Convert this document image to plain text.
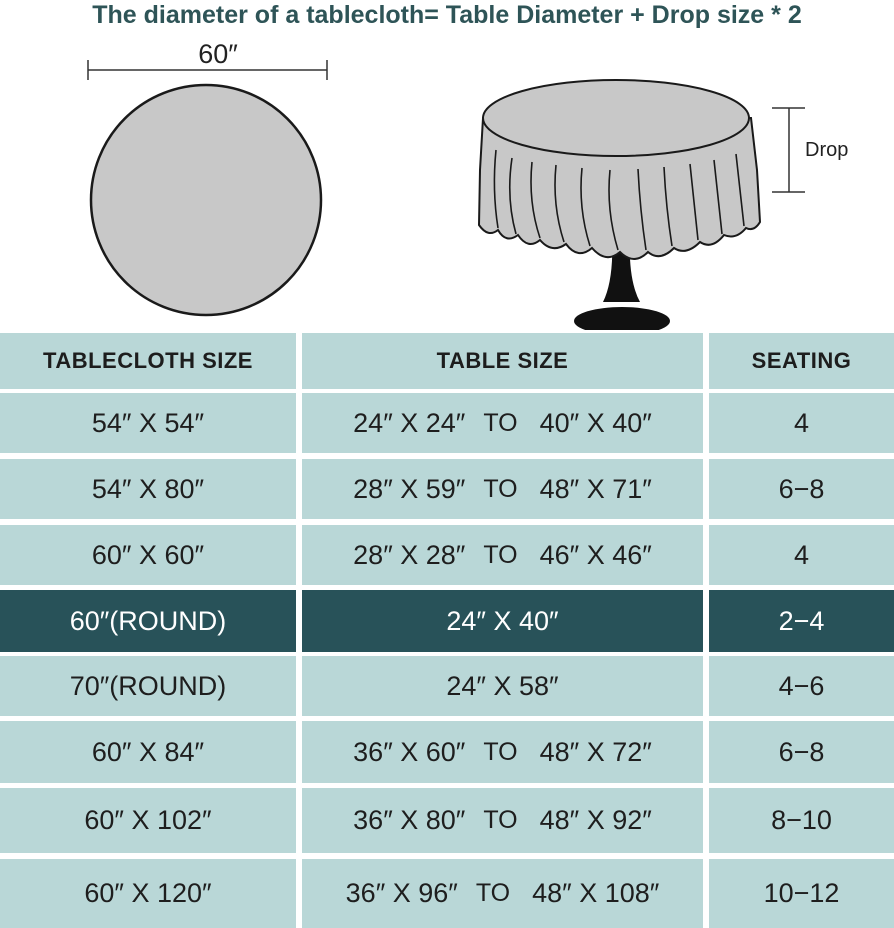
The diameter of a tablecloth= Table Diameter + Drop size * 2
60″
Drop
TABLECLOTH SIZE	TABLE SIZE	SEATING
54″ X 54″	24″ X 24″ TO 40″ X 40″	4
54″ X 80″	28″ X 59″ TO 48″ X 71″	6−8
60″ X 60″	28″ X 28″ TO 46″ X 46″	4
60″(ROUND)	24″ X 40″	2−4
70″(ROUND)	24″ X 58″	4−6
60″ X 84″	36″ X 60″ TO 48″ X 72″	6−8
60″ X 102″	36″ X 80″ TO 48″ X 92″	8−10
60″ X 120″	36″ X 96″ TO 48″ X 108″	10−12
